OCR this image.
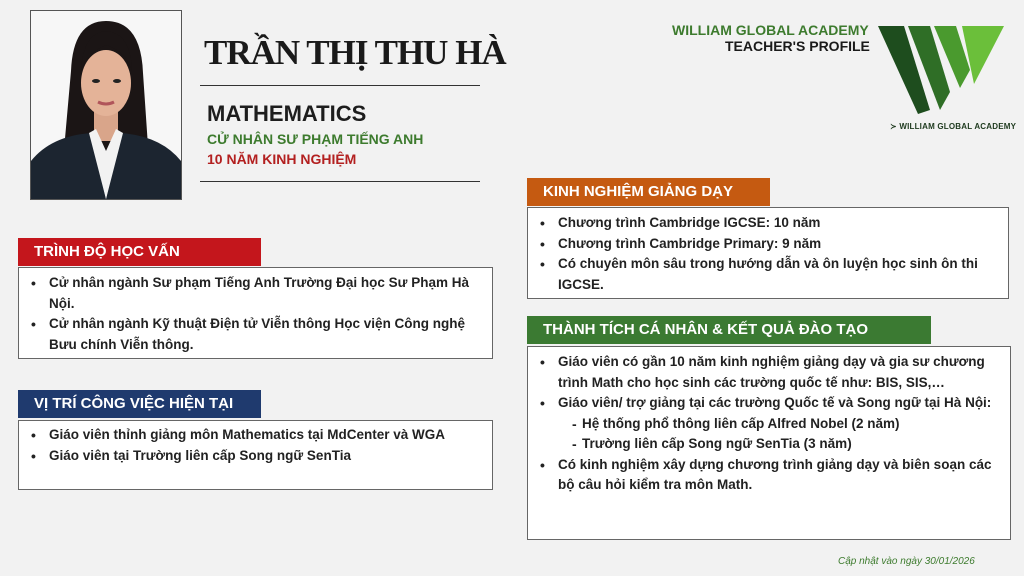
TRẦN THỊ THU HÀ
MATHEMATICS
CỬ NHÂN SƯ PHẠM TIẾNG ANH
10 NĂM KINH NGHIỆM
WILLIAM GLOBAL ACADEMY
TEACHER'S PROFILE
≻ WILLIAM GLOBAL ACADEMY
TRÌNH ĐỘ HỌC VẤN
• Cử nhân ngành Sư phạm Tiếng Anh Trường Đại học Sư Phạm Hà Nội.
• Cử nhân ngành Kỹ thuật Điện tử Viễn thông Học viện Công nghệ Bưu chính Viễn thông.
VỊ TRÍ CÔNG VIỆC HIỆN TẠI
• Giáo viên thỉnh giảng môn Mathematics tại MdCenter và WGA
• Giáo viên tại Trường liên cấp Song ngữ SenTia
KINH NGHIỆM GIẢNG DẠY
• Chương trình Cambridge IGCSE: 10 năm
• Chương trình Cambridge Primary: 9 năm
• Có chuyên môn sâu trong hướng dẫn và ôn luyện học sinh ôn thi IGCSE.
THÀNH TÍCH CÁ NHÂN & KẾT QUẢ ĐÀO TẠO
• Giáo viên có gần 10 năm kinh nghiệm giảng dạy và gia sư chương trình Math cho học sinh các trường quốc tế như: BIS, SIS,…
• Giáo viên/ trợ giảng tại các trường Quốc tế và Song ngữ tại Hà Nội:
- Hệ thống phổ thông liên cấp Alfred Nobel (2 năm)
- Trường liên cấp Song ngữ SenTia (3 năm)
• Có kinh nghiệm xây dựng chương trình giảng dạy và biên soạn các bộ câu hỏi kiểm tra môn Math.
Cập nhật vào ngày 30/01/2026
